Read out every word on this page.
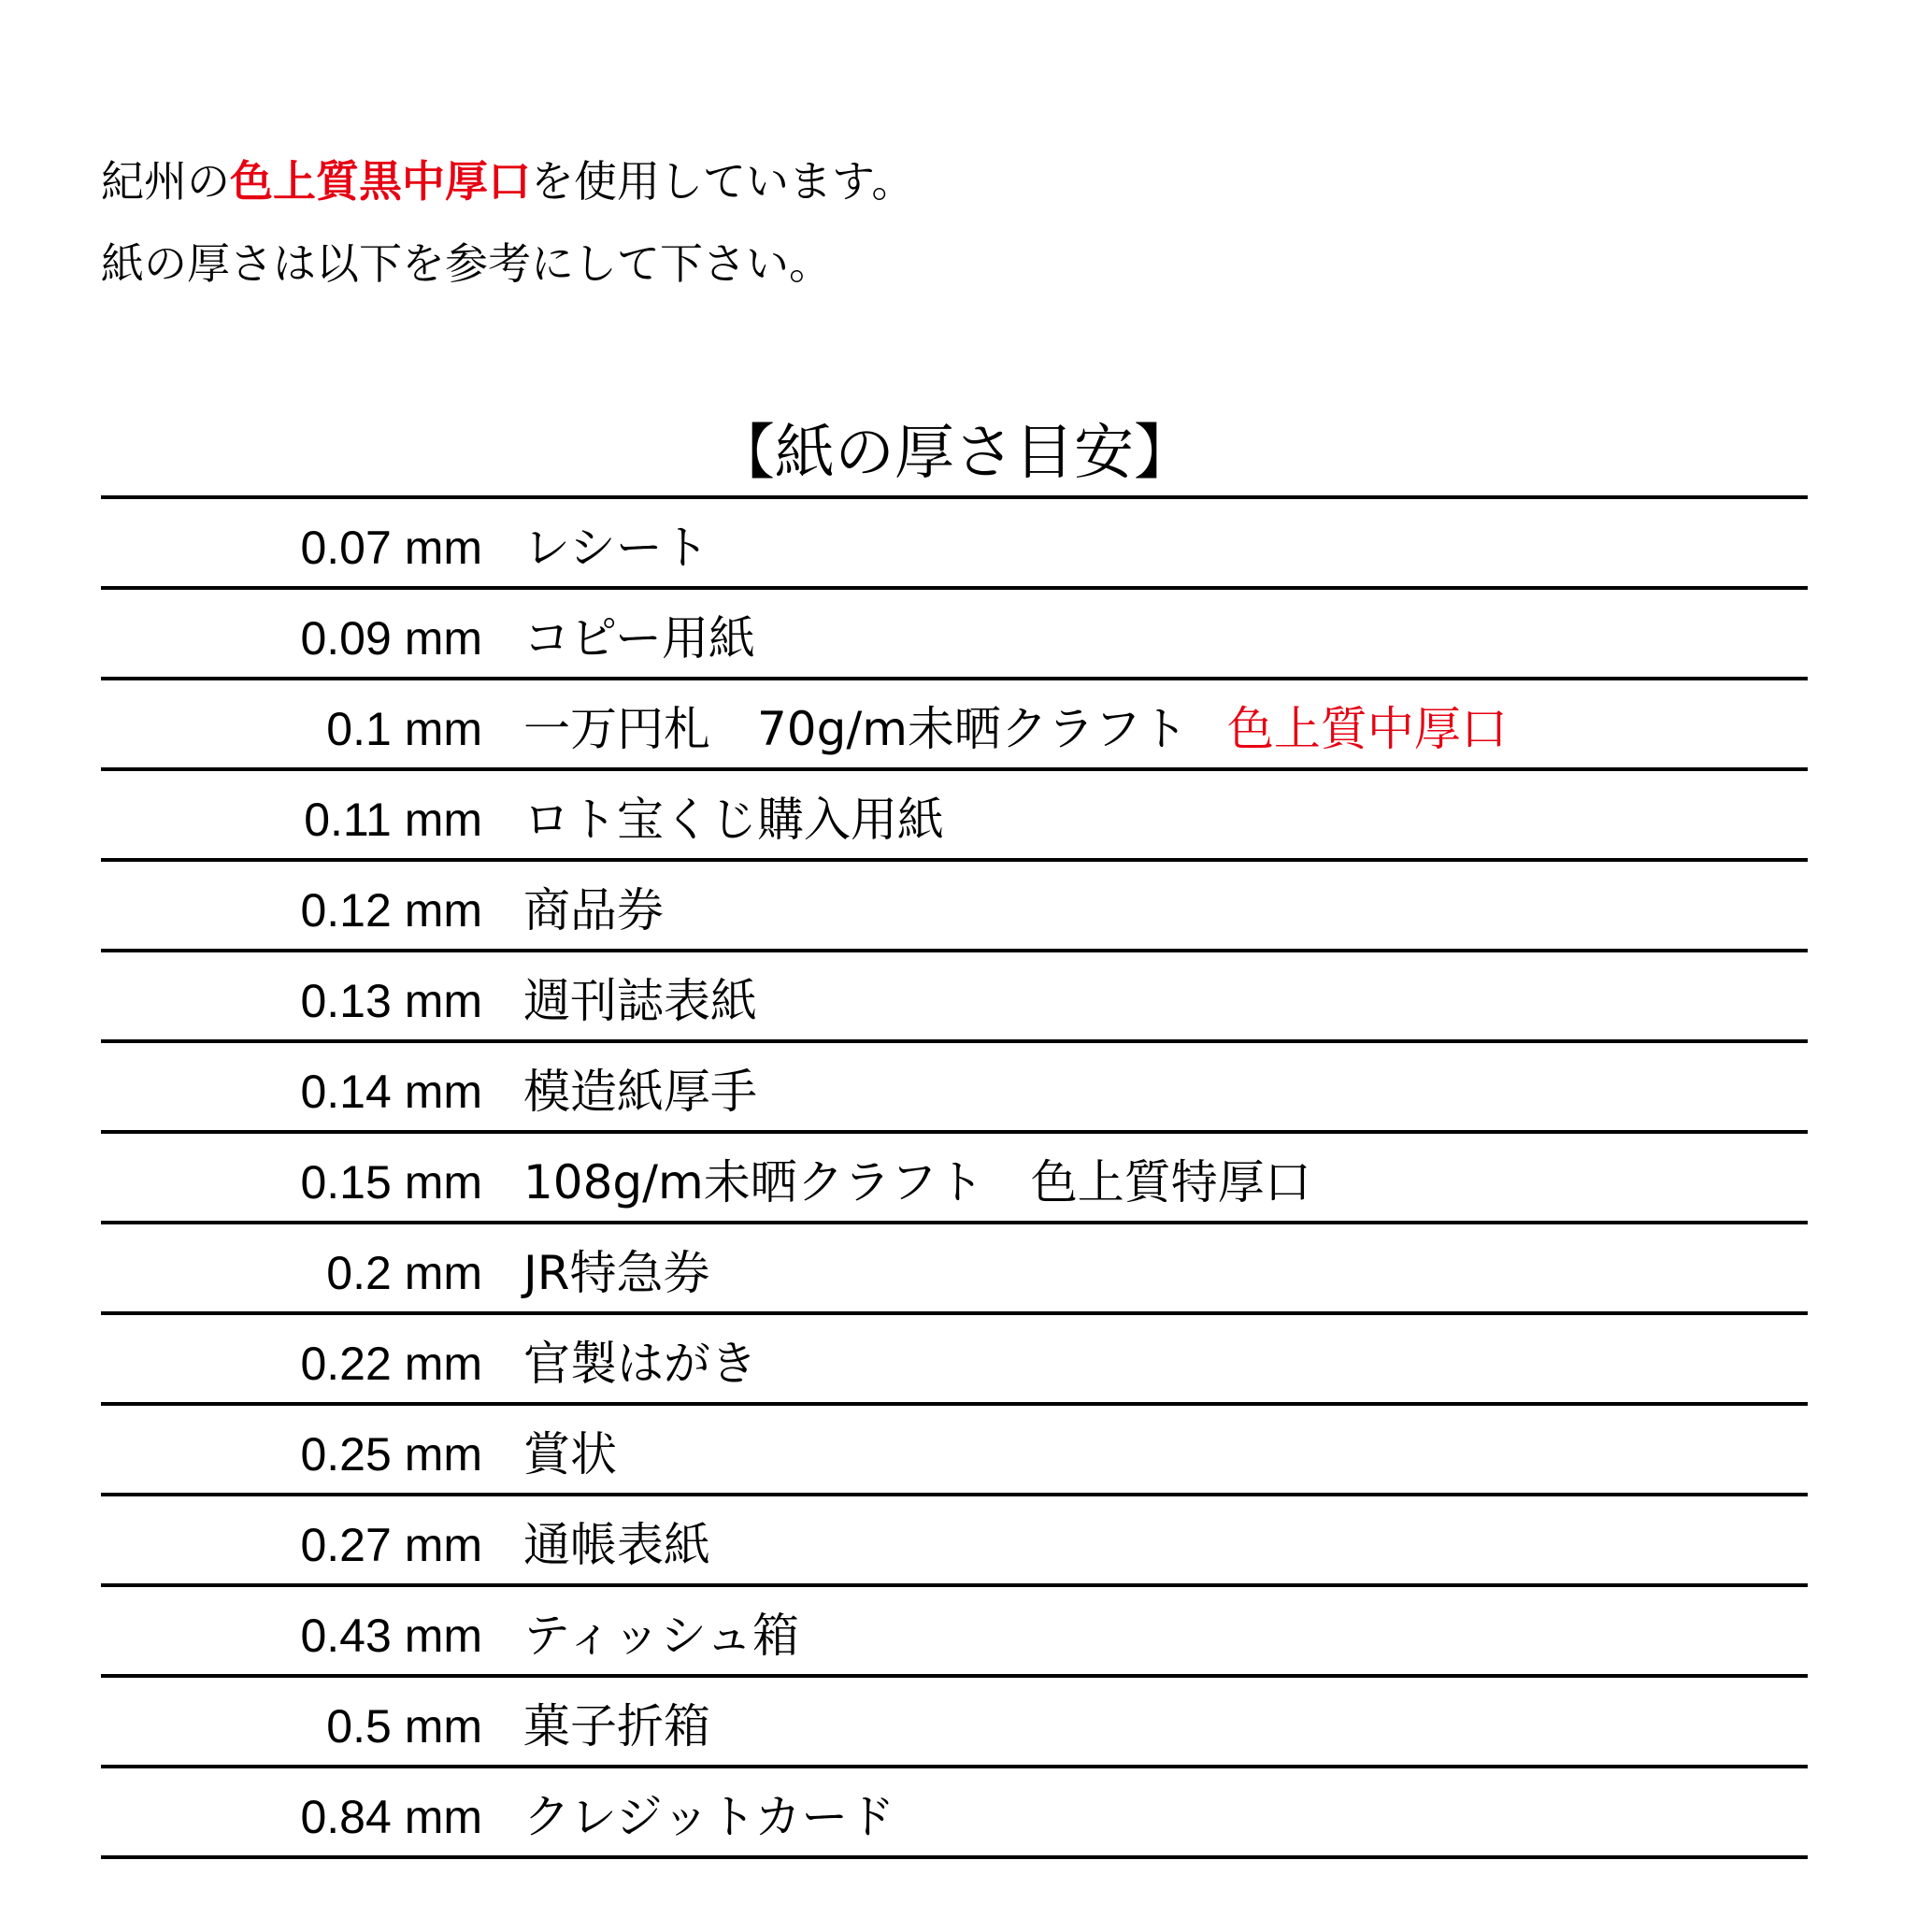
紀州の色上質黒中厚口を使用しています。
紙の厚さは以下を参考にして下さい。
【紙の厚さ目安】
0.07 mm レシート
0.09 mm コピー用紙
0.1 mm 一万円札　70g/m未晒クラフト 色上質中厚口
0.11 mm ロト宝くじ購入用紙
0.12 mm 商品券
0.13 mm 週刊誌表紙
0.14 mm 模造紙厚手
0.15 mm 108g/m未晒クラフト　色上質特厚口
0.2 mm JR特急券
0.22 mm 官製はがき
0.25 mm 賞状
0.27 mm 通帳表紙
0.43 mm ティッシュ箱
0.5 mm 菓子折箱
0.84 mm クレジットカード
